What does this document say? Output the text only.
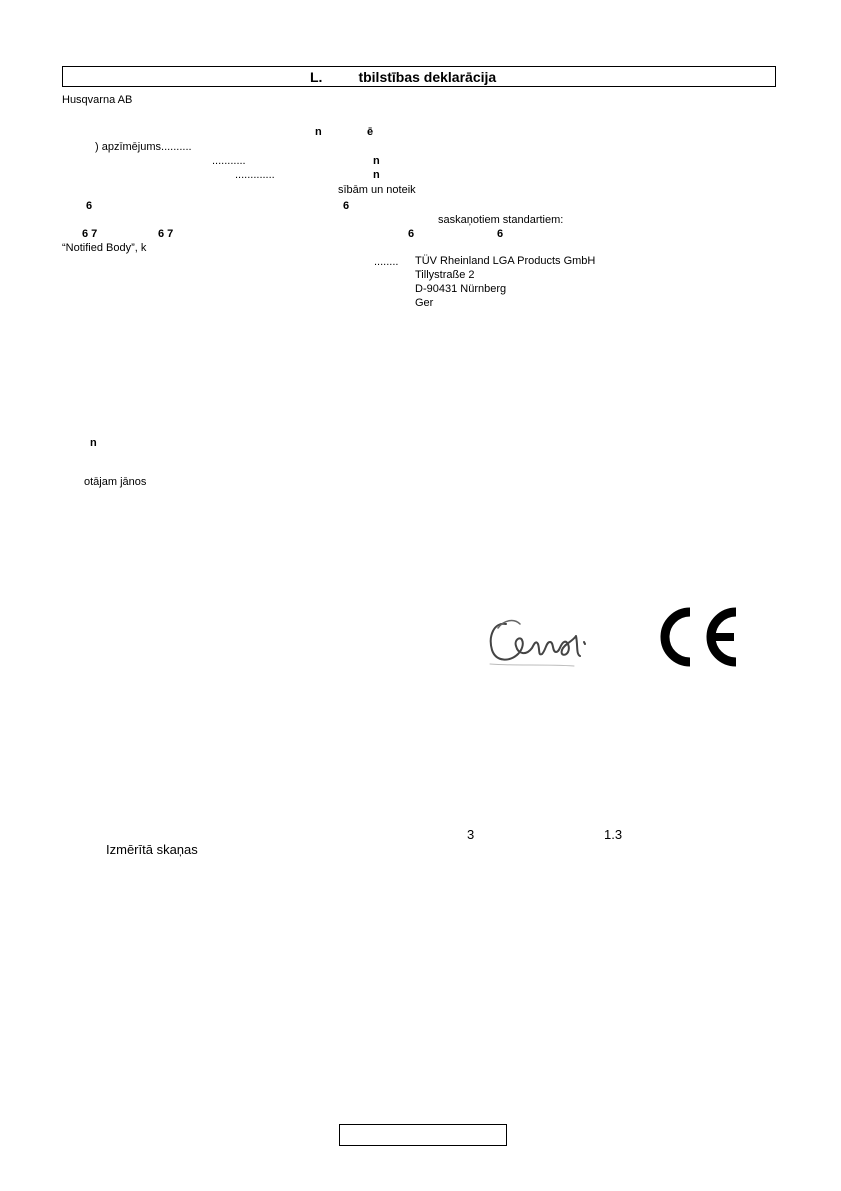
L.	tbilstības deklarācija
Husqvarna AB
n	ē
) apzīmējums..........
...........	n
.............	n
sībām un noteik
6	6
saskaņotiem standartiem:
6 7	6 7	6	6
“Notified Body”, k
........ TÜV Rheinland LGA Products GmbH
Tillystraße 2
D-90431 Nürnberg
Ger
n
otājam jānos
3	1.3
Izmērītā skaņas
